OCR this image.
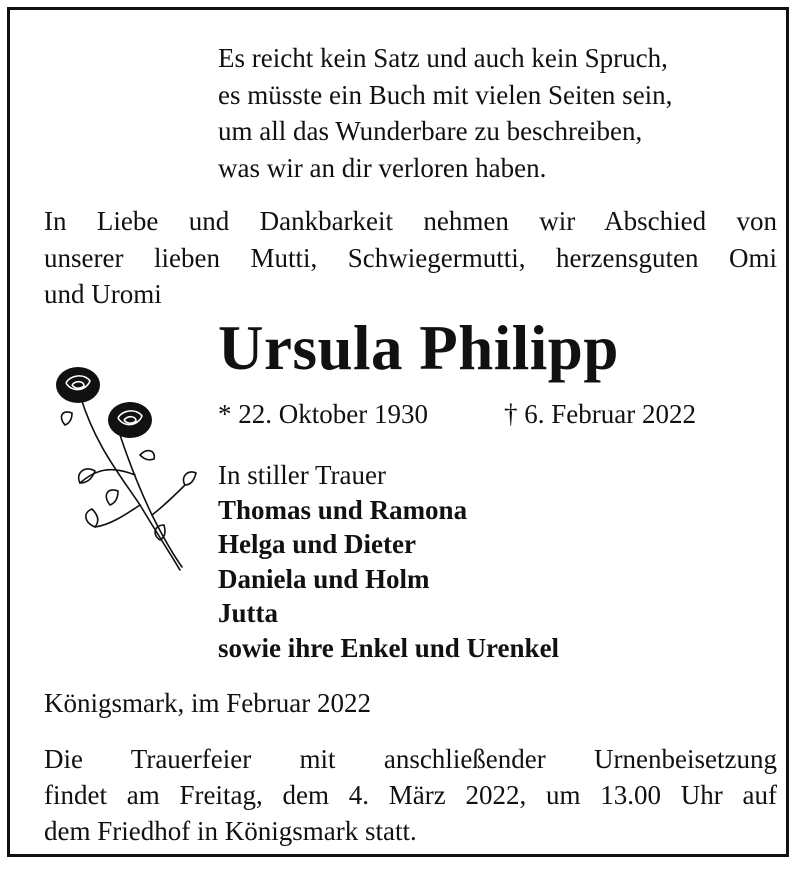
Es reicht kein Satz und auch kein Spruch,
es müsste ein Buch mit vielen Seiten sein,
um all das Wunderbare zu beschreiben,
was wir an dir verloren haben.
In Liebe und Dankbarkeit nehmen wir Abschied von
unserer lieben Mutti, Schwiegermutti, herzensguten Omi
und Uromi
Ursula Philipp
* 22. Oktober 1930	† 6. Februar 2022
In stiller Trauer
Thomas und Ramona
Helga und Dieter
Daniela und Holm
Jutta
sowie ihre Enkel und Urenkel
Königsmark, im Februar 2022
Die Trauerfeier mit anschließender Urnenbeisetzung
findet am Freitag, dem 4. März 2022, um 13.00 Uhr auf
dem Friedhof in Königsmark statt.
